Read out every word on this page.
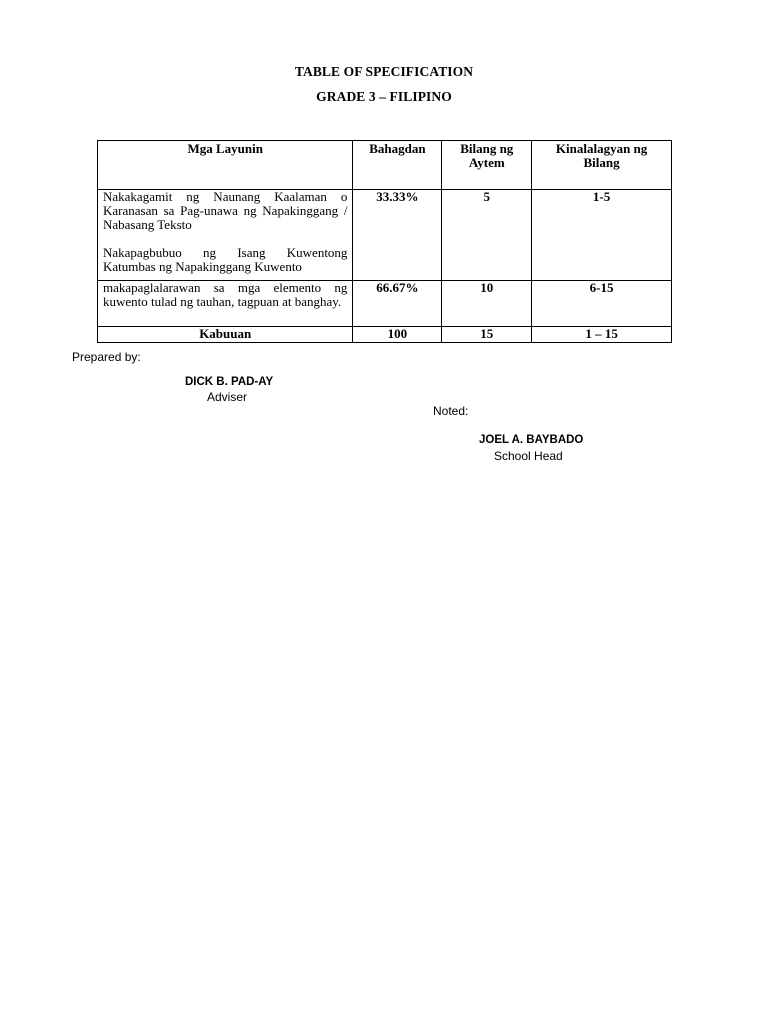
TABLE OF SPECIFICATION
GRADE 3 – FILIPINO
Mga Layunin	Bahagdan	Bilang ng Aytem	Kinalalagyan ng Bilang

Nakakagamit ng Naunang Kaalaman o Karanasan sa Pag-unawa ng Napakinggang / Nabasang Teksto
Nakapagbubuo ng Isang Kuwentong Katumbas ng Napakinggang Kuwento	33.33%	5	1-5

makapaglalarawan sa mga elemento ng kuwento tulad ng tauhan, tagpuan at banghay.	66.67%	10	6-15
Kabuuan	100	15	1 – 15
Prepared by:
DICK B. PAD-AY
Adviser
Noted:
JOEL A. BAYBADO
School Head
